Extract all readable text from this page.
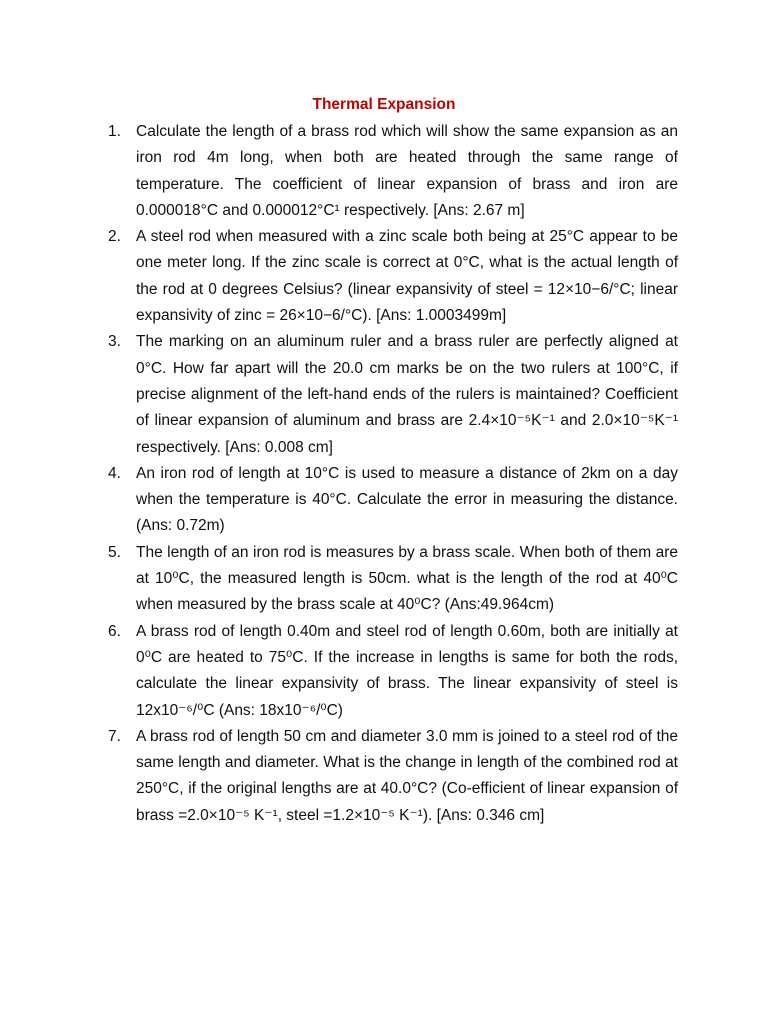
Thermal Expansion
1. Calculate the length of a brass rod which will show the same expansion as an iron rod 4m long, when both are heated through the same range of temperature. The coefficient of linear expansion of brass and iron are 0.000018°C and 0.000012°C¹ respectively. [Ans: 2.67 m]
2. A steel rod when measured with a zinc scale both being at 25°C appear to be one meter long. If the zinc scale is correct at 0°C, what is the actual length of the rod at 0 degrees Celsius? (linear expansivity of steel = 12×10−6/°C; linear expansivity of zinc = 26×10−6/°C). [Ans: 1.0003499m]
3. The marking on an aluminum ruler and a brass ruler are perfectly aligned at 0°C. How far apart will the 20.0 cm marks be on the two rulers at 100°C, if precise alignment of the left-hand ends of the rulers is maintained? Coefficient of linear expansion of aluminum and brass are 2.4×10⁻⁵K⁻¹ and 2.0×10⁻⁵K⁻¹ respectively. [Ans: 0.008 cm]
4. An iron rod of length at 10°C is used to measure a distance of 2km on a day when the temperature is 40°C. Calculate the error in measuring the distance. (Ans: 0.72m)
5. The length of an iron rod is measures by a brass scale. When both of them are at 10⁰C, the measured length is 50cm. what is the length of the rod at 40⁰C when measured by the brass scale at 40⁰C? (Ans:49.964cm)
6. A brass rod of length 0.40m and steel rod of length 0.60m, both are initially at 0⁰C are heated to 75⁰C. If the increase in lengths is same for both the rods, calculate the linear expansivity of brass. The linear expansivity of steel is 12x10⁻⁶/⁰C (Ans: 18x10⁻⁶/⁰C)
7. A brass rod of length 50 cm and diameter 3.0 mm is joined to a steel rod of the same length and diameter. What is the change in length of the combined rod at 250°C, if the original lengths are at 40.0°C? (Co-efficient of linear expansion of brass =2.0×10⁻⁵ K⁻¹, steel =1.2×10⁻⁵ K⁻¹). [Ans: 0.346 cm]
